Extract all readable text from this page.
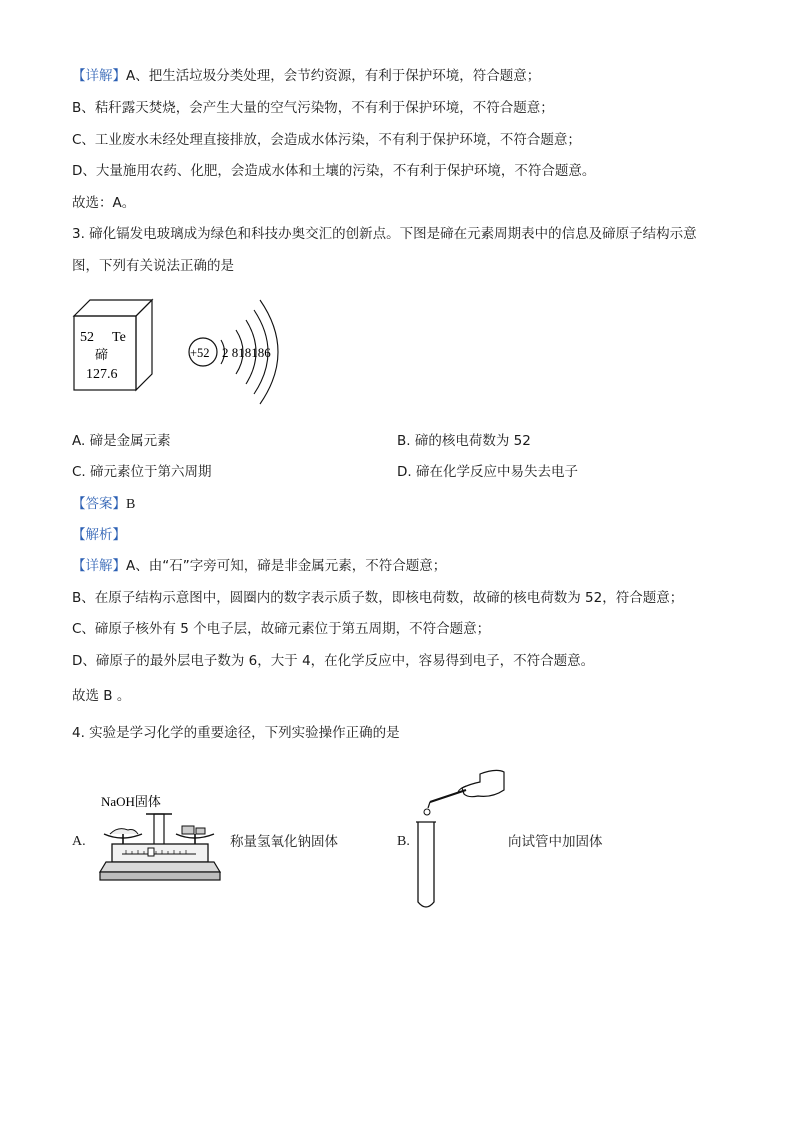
【详解】A、把生活垃圾分类处理，会节约资源，有利于保护环境，符合题意；
B、秸秆露天焚烧，会产生大量的空气污染物，不有利于保护环境，不符合题意；
C、工业废水未经处理直接排放，会造成水体污染，不有利于保护环境，不符合题意；
D、大量施用农药、化肥，会造成水体和土壤的污染，不有利于保护环境，不符合题意。
故选：A。
3. 碲化镉发电玻璃成为绿色和科技办奥交汇的创新点。下图是碲在元素周期表中的信息及碲原子结构示意
图，下列有关说法正确的是
52 Te
碲
127.6
+52 2 818186
A. 碲是金属元素	B. 碲的核电荷数为 52
C. 碲元素位于第六周期	D. 碲在化学反应中易失去电子
【答案】B
【解析】
【详解】A、由“石”字旁可知，碲是非金属元素，不符合题意；
B、在原子结构示意图中，圆圈内的数字表示质子数，即核电荷数，故碲的核电荷数为 52，符合题意；
C、碲原子核外有 5 个电子层，故碲元素位于第五周期，不符合题意；
D、碲原子的最外层电子数为 6，大于 4，在化学反应中，容易得到电子，不符合题意。
故选 B 。
4. 实验是学习化学的重要途径，下列实验操作正确的是
A.
NaOH固体
称量氢氧化钠固体	B.	向试管中加固体
